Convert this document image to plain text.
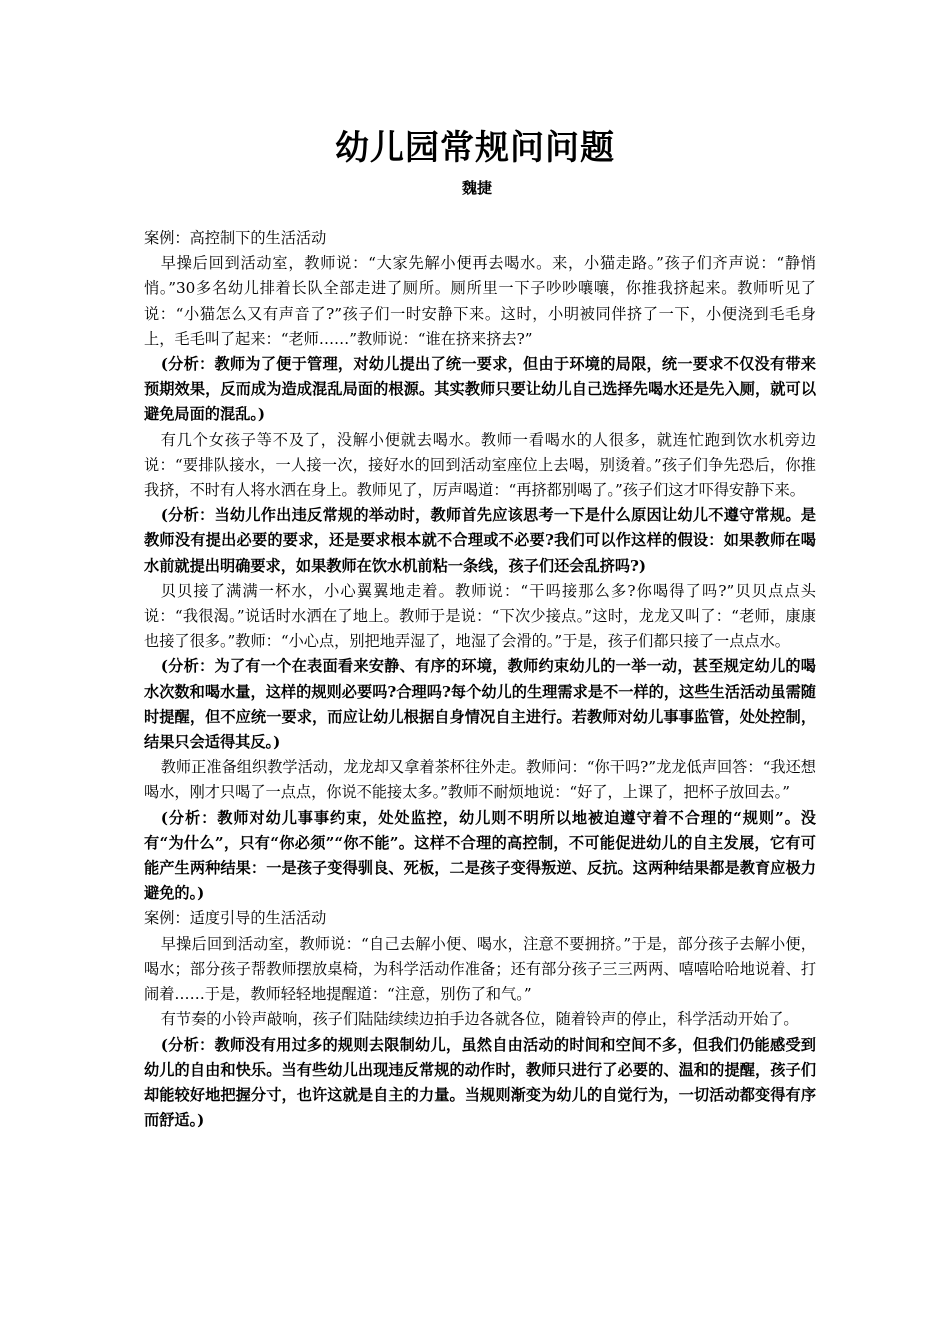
幼儿园常规问问题
魏捷

案例：高控制下的生活活动

早操后回到活动室，教师说：“大家先解小便再去喝水。来，小猫走路。”孩子们齐声说：“静悄悄。”30多名幼儿排着长队全部走进了厕所。厕所里一下子吵吵嚷嚷，你推我挤起来。教师听见了说：“小猫怎么又有声音了?”孩子们一时安静下来。这时，小明被同伴挤了一下，小便浇到毛毛身上，毛毛叫了起来：“老师……”教师说：“谁在挤来挤去?”

(分析：教师为了便于管理，对幼儿提出了统一要求，但由于环境的局限，统一要求不仅没有带来预期效果，反而成为造成混乱局面的根源。其实教师只要让幼儿自己选择先喝水还是先入厕，就可以避免局面的混乱。)

有几个女孩子等不及了，没解小便就去喝水。教师一看喝水的人很多，就连忙跑到饮水机旁边说：“要排队接水，一人接一次，接好水的回到活动室座位上去喝，别烫着。”孩子们争先恐后，你推我挤，不时有人将水洒在身上。教师见了，厉声喝道：“再挤都别喝了。”孩子们这才吓得安静下来。

(分析：当幼儿作出违反常规的举动时，教师首先应该思考一下是什么原因让幼儿不遵守常规。是教师没有提出必要的要求，还是要求根本就不合理或不必要?我们可以作这样的假设：如果教师在喝水前就提出明确要求，如果教师在饮水机前粘一条线，孩子们还会乱挤吗?)

贝贝接了满满一杯水，小心翼翼地走着。教师说：“干吗接那么多?你喝得了吗?”贝贝点点头说：“我很渴。”说话时水洒在了地上。教师于是说：“下次少接点。”这时，龙龙又叫了：“老师，康康也接了很多。”教师：“小心点，别把地弄湿了，地湿了会滑的。”于是，孩子们都只接了一点点水。

(分析：为了有一个在表面看来安静、有序的环境，教师约束幼儿的一举一动，甚至规定幼儿的喝水次数和喝水量，这样的规则必要吗?合理吗?每个幼儿的生理需求是不一样的，这些生活活动虽需随时提醒，但不应统一要求，而应让幼儿根据自身情况自主进行。若教师对幼儿事事监管，处处控制，结果只会适得其反。)

教师正准备组织教学活动，龙龙却又拿着茶杯往外走。教师问：“你干吗?”龙龙低声回答：“我还想喝水，刚才只喝了一点点，你说不能接太多。”教师不耐烦地说：“好了，上课了，把杯子放回去。”

(分析：教师对幼儿事事约束，处处监控，幼儿则不明所以地被迫遵守着不合理的“规则”。没有“为什么”，只有“你必须”“你不能”。这样不合理的高控制，不可能促进幼儿的自主发展，它有可能产生两种结果：一是孩子变得驯良、死板，二是孩子变得叛逆、反抗。这两种结果都是教育应极力避免的。)

案例：适度引导的生活活动

早操后回到活动室，教师说：“自己去解小便、喝水，注意不要拥挤。”于是，部分孩子去解小便，喝水；部分孩子帮教师摆放桌椅，为科学活动作准备；还有部分孩子三三两两、嘻嘻哈哈地说着、打闹着……于是，教师轻轻地提醒道：“注意，别伤了和气。”

有节奏的小铃声敲响，孩子们陆陆续续边拍手边各就各位，随着铃声的停止，科学活动开始了。

(分析：教师没有用过多的规则去限制幼儿，虽然自由活动的时间和空间不多，但我们仍能感受到幼儿的自由和快乐。当有些幼儿出现违反常规的动作时，教师只进行了必要的、温和的提醒，孩子们却能较好地把握分寸，也许这就是自主的力量。当规则渐变为幼儿的自觉行为，一切活动都变得有序而舒适。)
